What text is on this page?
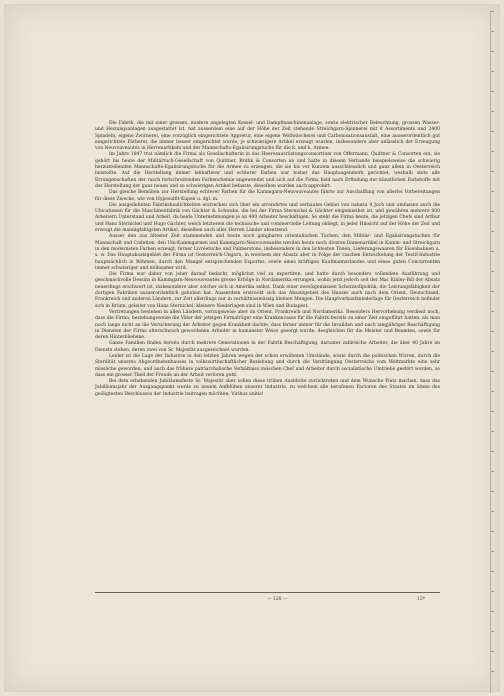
Die Fabrik, die mit einer grossen, modern angelegten Kessel- und Dampfmaschinenanlage, sowie elektrischer Beleuchtung, grossen Wasser- und Heizungsanlagen ausgestattet ist, hat ausserdem eine auf der Höhe der Zeit stehende Streichgarn-Spinnerei mit 8 Assortiments und 2400 Spindeln, eigene Zwirnerei, eine vorzüglich eingerichtete Appretur, eine eigene Wollwäscherei und Carbonisationsanstalt, eine ausserordentlich gut eingerichtete Färberei, die immer besser eingerichtet wurde, je schwierigere Artikel erzeugt wurden, insbesondere aber anlässlich der Erzeugung von Neuvouveautés in Herrenartikeln und der Mannschafts-Egalisirungstuche für die k. und k. Armee.

Im Jahre 1847 trat nämlich die Firma als Gesellschafterin in das Heeresausrüstungsconsortium von Offermann, Quittner & Consorten ein; sie gehört bis heute der Militärtuch-Gesellschaft von Quittner, Brdlik & Consorten an und hatte in diesem Verbande beispielsweise die schwierig herzustellenden Mannschafts-Egalisirungstuche für die Armee zu erzeugen, die sie bis vor Kurzem ausschliesslich und ganz allein in Oesterreich beistellte. Auf die Herstellung immer lebhafterer und echterer Farben war bisher das Hauptaugenmerk gerichtet, weshalb stets alle Errungenschaften der rasch fortschreitenden Farbenchemie angewendet und sich auf die Firma bald nach Erfindung der künstlichen Farbstoffe mit der Herstellung der ganz neuen und so schwierigen Artikel befasste, dieselben wurden auch approbirt.

Das gleiche Bemühen zur Herstellung echterer Farben für die Kammgarn-Neuvouveautés führte zur Anschaffung von allerlei Vorbereitungen für diese Zwecke, wie von Hyposulfit-Kupen u. dgl. m.

Die ausgedehnten Fabriksbaulichkeiten erstrecken sich über ein arrondirtes und verbautes Gebiet von nahezu 4 Joch und umfassen auch die Ubicationen für die Maschinenfabrik von Gächter & Schwabe, die bei der Firma Sternickel & Gächter eingemiethet ist, und gewähren mehrere 800 Arbeitern Unterstand und Arbeit, da beide Unternehmungen je an 400 Arbeiter beschäftigen. So steht die Firma heute, die jetzigen Chefs sind Arthur und Hans Sternickel und Hugo Gächter, welch letzterem die technische und commercielle Leitung obliegt, in jeder Hinsicht auf der Höhe der Zeit und erzeugt die mannigfaltigsten Artikel, dieselben auch aller Herren Länder absetzend.

Ausser den aus ältester Zeit stammenden und heute noch gangbaren orientalischen Tuchen, den Militär- und Egalisirungstuchen für Mannschaft und Cadetten, den Uni-Kammgarnen und Kammgarn-Neuvouveautés werden heute noch diverse Damenartikel in Kamm- und Streichgarn in den modernsten Farben erzeugt, ferner Livréetuche und Palmerstons, insbesondere in den lichtesten Tönen, Lieferungswaaren für Eisenbahnen u. s. w. Das Hauptabsatzgebiet der Firma ist Oesterreich-Ungarn, in welchem der Absatz aber in Folge der raschen Entwickelung der Textil-Industrie hauptsächlich in Böhmen, durch den Mangel entsprechenden Exportes, sowie eines kräftigen Kaufmannsstandes und eines guten Concurrenten immer schwieriger und mühsamer wird.

Die Firma war daher von jeher darauf bedacht, möglichst viel zu exportiren, und hatte durch besonders vollendete Ausführung und geschmackvolle Dessins in Kammgarn-Neuvouveautés grosse Erfolge in Nordamerika errungen, wohin jetzt jedoch seit der Mac Kinley-Bill der Absatz neuerdings erschwert ist, insbesondere aber solcher sich in Amerika selbst. Dank einer zweckgemässen Schutzzollpolitik, die Leistungsfähigkeit der dortigen Fabriken ausserordentlich gehoben hat. Ausserdem erstreckt sich das Absatzgebiet des Hauses auch nach dem Orient, Deutschland, Frankreich und anderen Ländern, zur Zeit allerdings nur in verhältnissmässig kleinen Mengen. Die Hauptverkaufsniederlage für Oesterreich befindet sich in Brünn, geleitet von Hans Sternickel, kleinere Niederlagen sind in Wien und Budapest.

Vertretungen bestehen in allen Ländern, vorzugsweise aber im Orient, Frankreich und Nordamerika. Besonders Hervorhebung verdient noch, dass die Firma, beziehungsweise die Väter der jetzigen Firmaträger eine Krankencasse für die Fabrik bereits zu einer Zeit eingeführt hatten, als man noch lange nicht an die Versicherung der Arbeiter gegen Krankheit dachte, dass ferner immer für die Invaliden und nach langjähriger Beschäftigung in Diensten der Firma alterschwach gewordenen Arbeiter in humanster Weise gesorgt wurde, desgleichen für die Meister und Beamten, sowie für deren Hinterbliebene.

Ganze Familien finden bereits durch mehrere Generationen in der Fabrik Beschäftigung, darunter zahlreiche Arbeiter, die über 40 Jahre im Dienste stehen, deren zwei von Sr. Majestät ausgezeichnet wurden.

Leider ist die Lage der Industrie in den letzten Jahren wegen der schon erwähnten Umstände, sowie durch die politischen Wirren, durch die Sterilität unseres Abgeordnetenhauses in volkswirthschaftlicher Beziehung und durch die Verdrängung Oesterreichs vom Weltmarkte eine sehr missliche geworden, und auch das frühere patriarchalische Verhältniss zwischen Chef und Arbeiter durch socialistische Umtriebe gestört worden, so dass ein grosser Theil der Freude an der Arbeit verloren geht.

Bei dem erhebenden Jubiläumsfeste Sr. Majestät aber sollen diese trüben Ausblicke zurücktreten und dem Wunsche Platz machen, dass das Jubiläumsjahr der Ausgangspunkt werde zu neuem Aufblühen unserer Industrie, zu welchem alle berufenen Factoren des Staates im Sinne des geäligtesten Beschlusses der Industrie beitragen möchten: Viribus unitis!

— 128 —	12*
